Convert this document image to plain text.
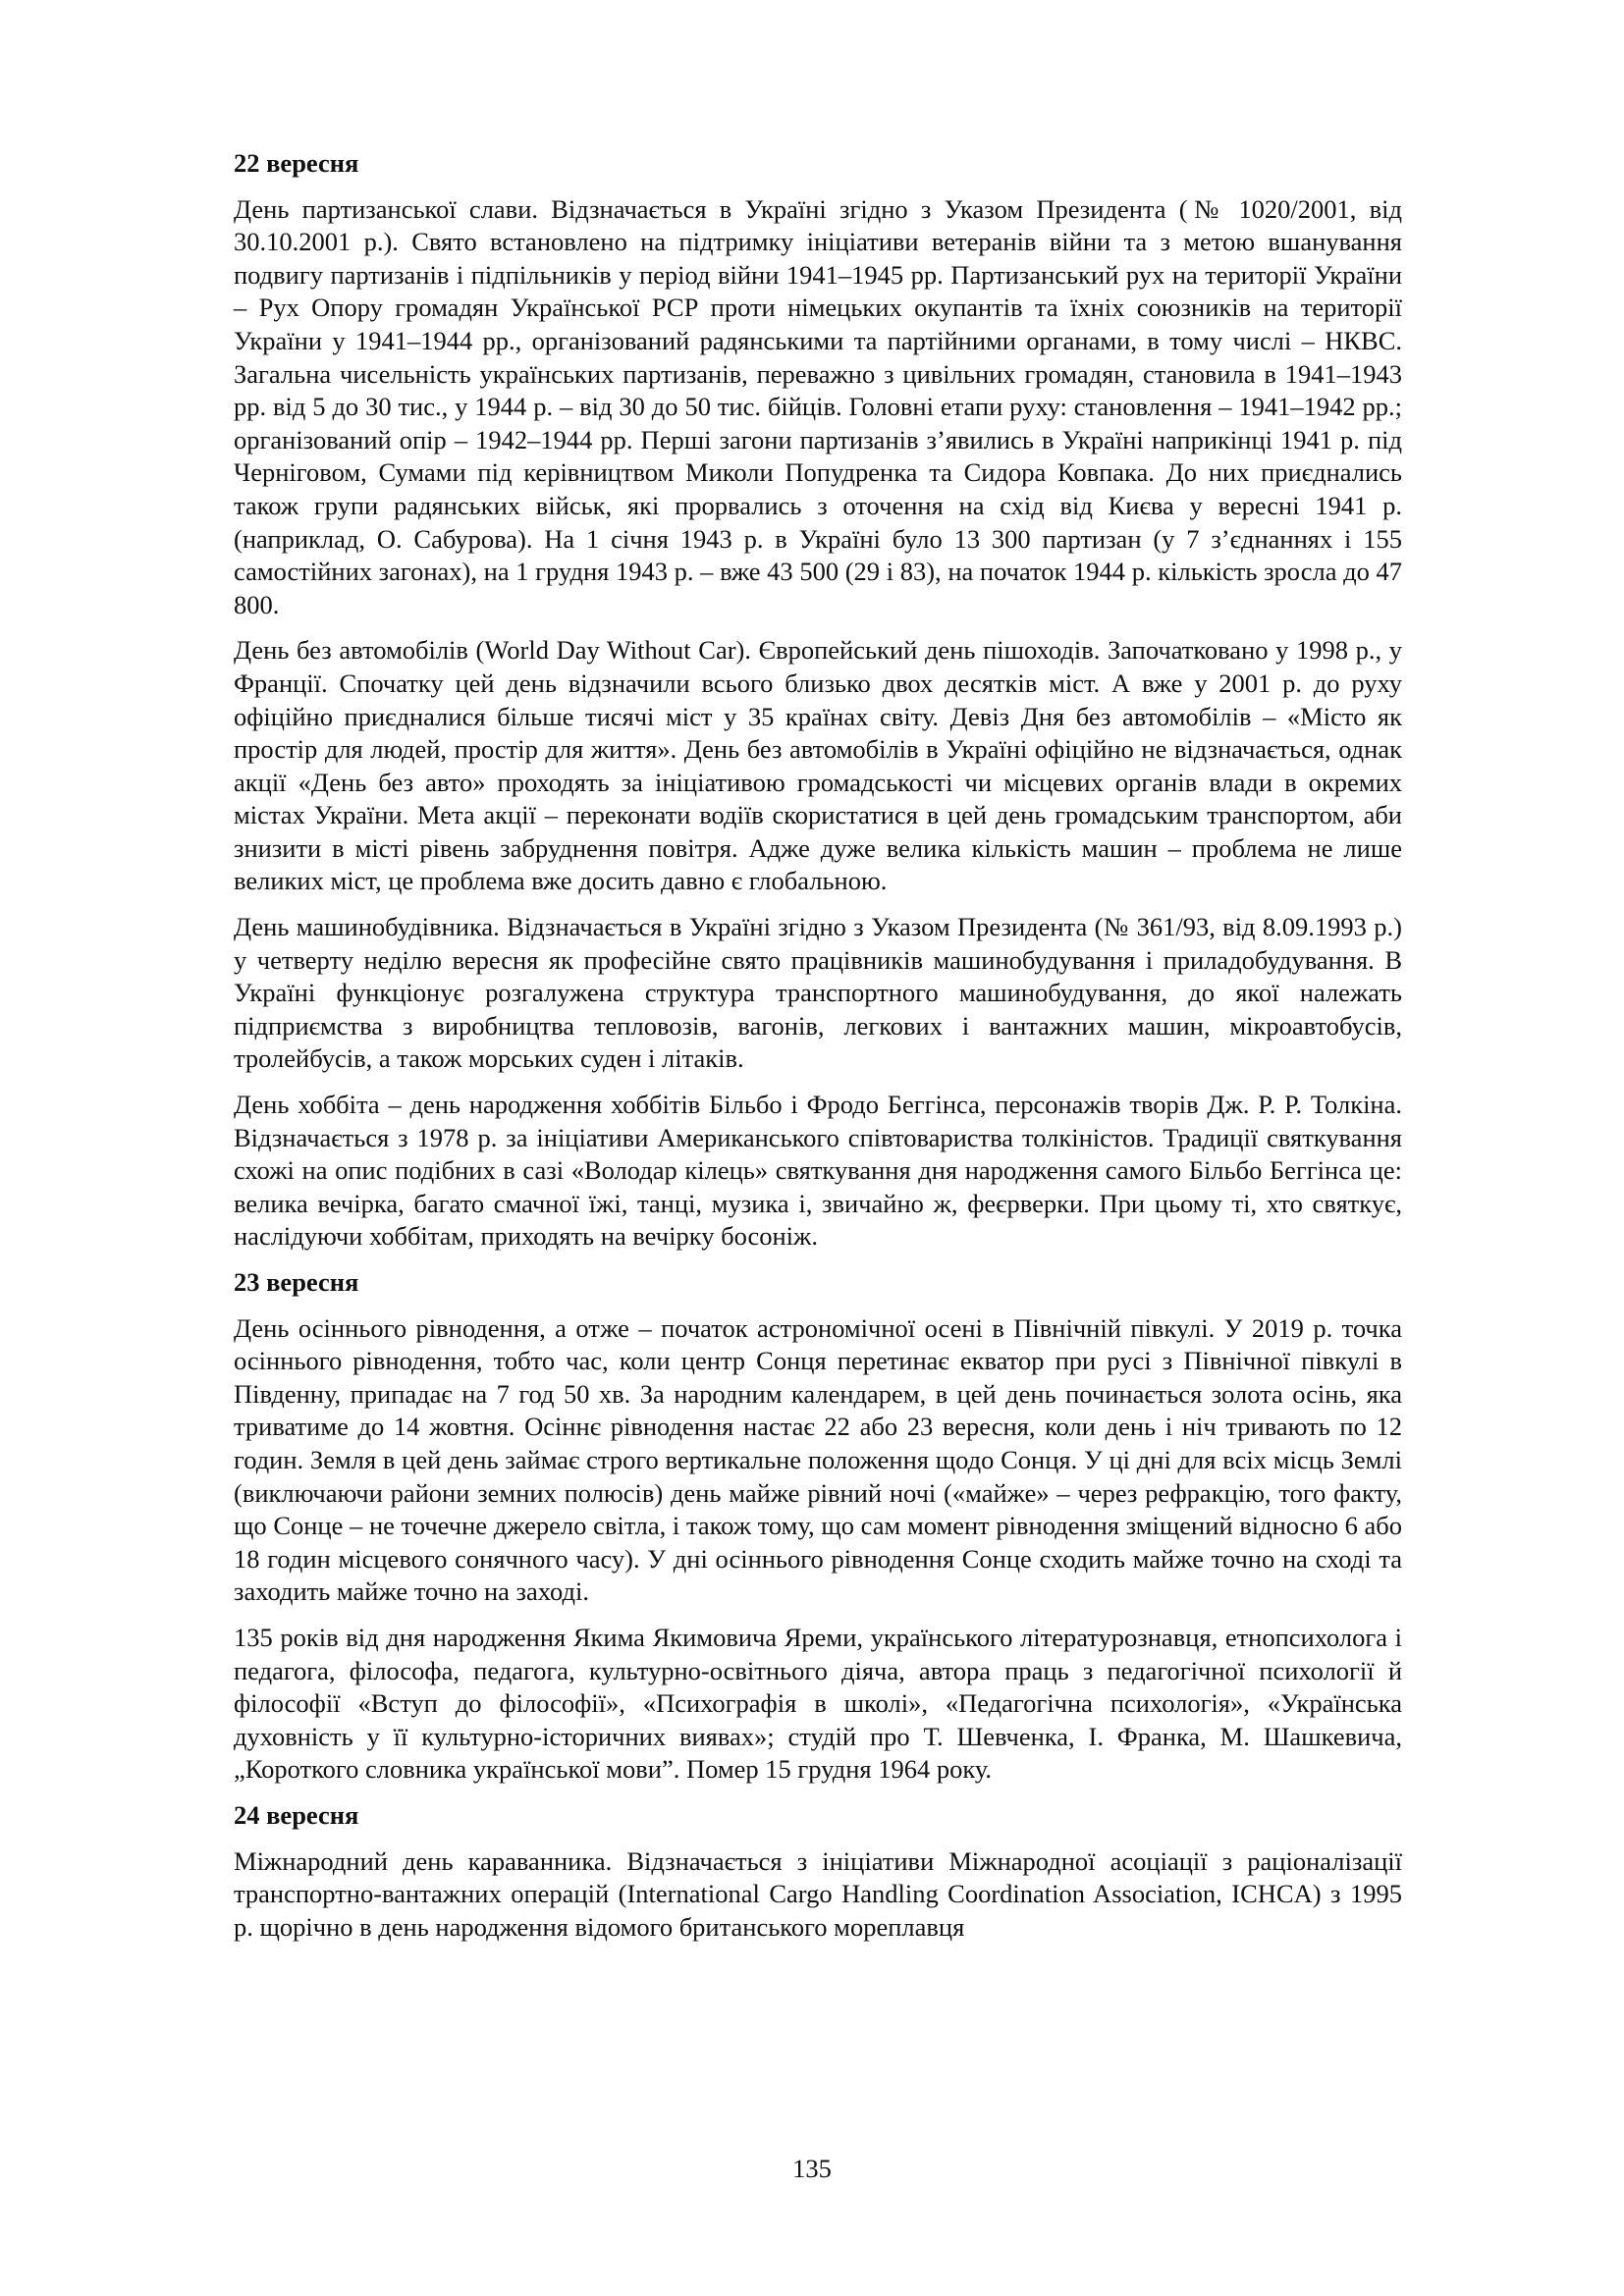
22 вересня

День партизанської слави. Відзначається в Україні згідно з Указом Президента (№ 1020/2001, від 30.10.2001 р.). Свято встановлено на підтримку ініціативи ветеранів війни та з метою вшанування подвигу партизанів і підпільників у період війни 1941–1945 рр. Партизанський рух на території України – Рух Опору громадян Української РСР проти німецьких окупантів та їхніх союзників на території України у 1941–1944 рр., організований радянськими та партійними органами, в тому числі – НКВС. Загальна чисельність українських партизанів, переважно з цивільних громадян, становила в 1941–1943 рр. від 5 до 30 тис., у 1944 р. – від 30 до 50 тис. бійців. Головні етапи руху: становлення – 1941–1942 рр.; організований опір – 1942–1944 рр. Перші загони партизанів з’явились в Україні наприкінці 1941 р. під Черніговом, Сумами під керівництвом Миколи Попудренка та Сидора Ковпака. До них приєднались також групи радянських військ, які прорвались з оточення на схід від Києва у вересні 1941 р. (наприклад, О. Сабурова). На 1 січня 1943 р. в Україні було 13 300 партизан (у 7 з’єднаннях і 155 самостійних загонах), на 1 грудня 1943 р. – вже 43 500 (29 і 83), на початок 1944 р. кількість зросла до 47 800.

День без автомобілів (World Day Without Car). Європейський день пішоходів. Започатковано у 1998 р., у Франції. Спочатку цей день відзначили всього близько двох десятків міст. А вже у 2001 р. до руху офіційно приєдналися більше тисячі міст у 35 країнах світу. Девіз Дня без автомобілів – «Місто як простір для людей, простір для життя». День без автомобілів в Україні офіційно не відзначається, однак акції «День без авто» проходять за ініціативою громадськості чи місцевих органів влади в окремих містах України. Мета акції – переконати водіїв скористатися в цей день громадським транспортом, аби знизити в місті рівень забруднення повітря. Адже дуже велика кількість машин – проблема не лише великих міст, це проблема вже досить давно є глобальною.

День машинобудівника. Відзначається в Україні згідно з Указом Президента (№ 361/93, від 8.09.1993 р.) у четверту неділю вересня як професійне свято працівників машинобудування і приладобудування. В Україні функціонує розгалужена структура транспортного машинобудування, до якої належать підприємства з виробництва тепловозів, вагонів, легкових і вантажних машин, мікроавтобусів, тролейбусів, а також морських суден і літаків.

День хоббіта – день народження хоббітів Більбо і Фродо Беггінса, персонажів творів Дж. Р. Р. Толкіна. Відзначається з 1978 р. за ініціативи Американського співтовариства толкіністов. Традиції святкування схожі на опис подібних в сазі «Володар кілець» святкування дня народження самого Більбо Беггінса це: велика вечірка, багато смачної їжі, танці, музика і, звичайно ж, феєрверки. При цьому ті, хто святкує, наслідуючи хоббітам, приходять на вечірку босоніж.

23 вересня

День осіннього рівнодення, а отже – початок астрономічної осені в Північній півкулі. У 2019 р. точка осіннього рівнодення, тобто час, коли центр Сонця перетинає екватор при русі з Північної півкулі в Південну, припадає на 7 год 50 хв. За народним календарем, в цей день починається золота осінь, яка триватиме до 14 жовтня. Осіннє рівнодення настає 22 або 23 вересня, коли день і ніч тривають по 12 годин. Земля в цей день займає строго вертикальне положення щодо Сонця. У ці дні для всіх місць Землі (виключаючи райони земних полюсів) день майже рівний ночі («майже» – через рефракцію, того факту, що Сонце – не точечне джерело світла, і також тому, що сам момент рівнодення зміщений відносно 6 або 18 годин місцевого сонячного часу). У дні осіннього рівнодення Сонце сходить майже точно на сході та заходить майже точно на заході.

135 років від дня народження Якима Якимовича Яреми, українського літературознавця, етнопсихолога і педагога, філософа, педагога, культурно-освітнього діяча, автора праць з педагогічної психології й філософії «Вступ до філософії», «Психографія в школі», «Педагогічна психологія», «Українська духовність у її культурно-історичних виявах»; студій про Т. Шевченка, І. Франка, М. Шашкевича, „Короткого словника української мови”. Помер 15 грудня 1964 року.

24 вересня

Міжнародний день караванника. Відзначається з ініціативи Міжнародної асоціації з раціоналізації транспортно-вантажних операцій (International Cargo Handling Coordination Association, ICHCA) з 1995 р. щорічно в день народження відомого британського мореплавця

135
